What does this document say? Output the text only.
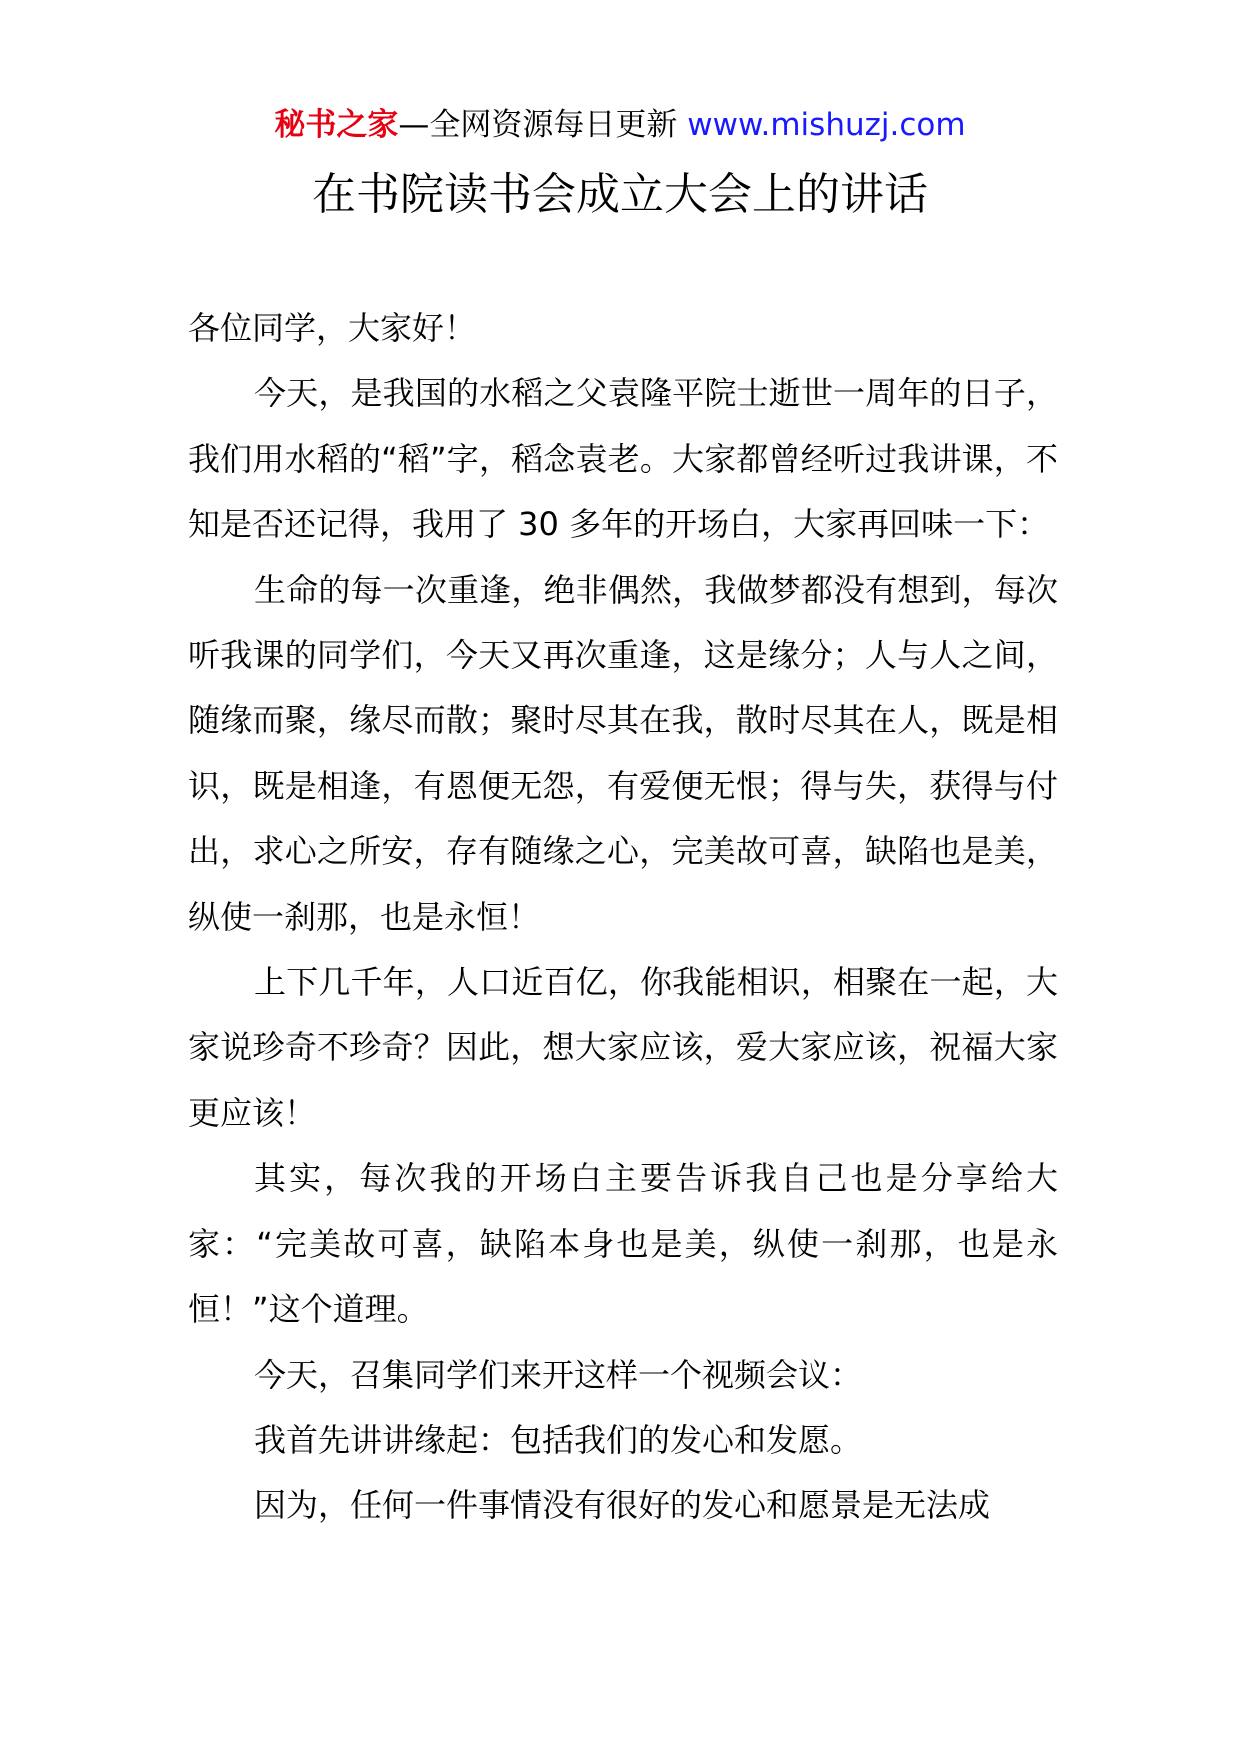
秘书之家—全网资源每日更新 www.mishuzj.com
在书院读书会成立大会上的讲话

各位同学，大家好！

今天，是我国的水稻之父袁隆平院士逝世一周年的日子，我们用水稻的“稻”字，稻念袁老。大家都曾经听过我讲课，不知是否还记得，我用了 30 多年的开场白，大家再回味一下：

生命的每一次重逢，绝非偶然，我做梦都没有想到，每次听我课的同学们，今天又再次重逢，这是缘分；人与人之间，随缘而聚，缘尽而散；聚时尽其在我，散时尽其在人，既是相识，既是相逢，有恩便无怨，有爱便无恨；得与失，获得与付出，求心之所安，存有随缘之心，完美故可喜，缺陷也是美，纵使一刹那，也是永恒！

上下几千年，人口近百亿，你我能相识，相聚在一起，大家说珍奇不珍奇？因此，想大家应该，爱大家应该，祝福大家更应该！

其实，每次我的开场白主要告诉我自己也是分享给大家：“完美故可喜，缺陷本身也是美，纵使一刹那，也是永恒！”这个道理。

今天，召集同学们来开这样一个视频会议：

我首先讲讲缘起：包括我们的发心和发愿。

因为，任何一件事情没有很好的发心和愿景是无法成
